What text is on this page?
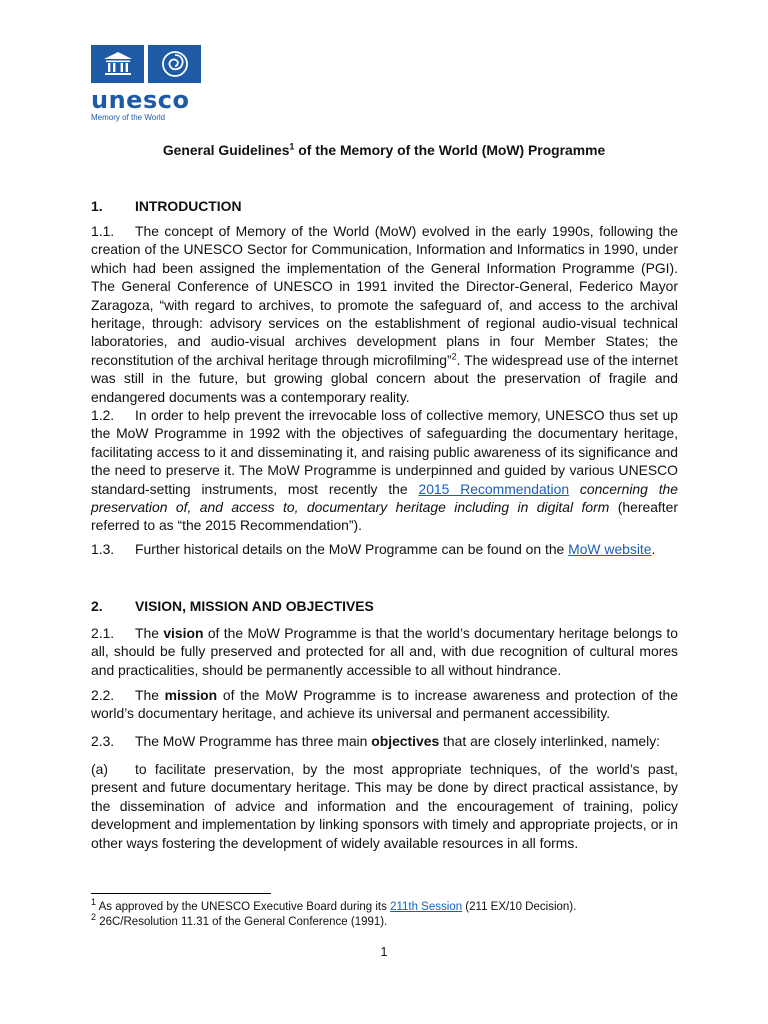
unesco
Memory of the World

General Guidelines$^1$ of the Memory of the World (MoW) Programme

1. INTRODUCTION

1.1. The concept of Memory of the World (MoW) evolved in the early 1990s, following the creation of the UNESCO Sector for Communication, Information and Informatics in 1990, under which had been assigned the implementation of the General Information Programme (PGI). The General Conference of UNESCO in 1991 invited the Director-General, Federico Mayor Zaragoza, “with regard to archives, to promote the safeguard of, and access to the archival heritage, through: advisory services on the establishment of regional audio-visual technical laboratories, and audio-visual archives development plans in four Member States; the reconstitution of the archival heritage through microfilming”$^2$. The widespread use of the internet was still in the future, but growing global concern about the preservation of fragile and endangered documents was a contemporary reality.

1.2. In order to help prevent the irrevocable loss of collective memory, UNESCO thus set up the MoW Programme in 1992 with the objectives of safeguarding the documentary heritage, facilitating access to it and disseminating it, and raising public awareness of its significance and the need to preserve it. The MoW Programme is underpinned and guided by various UNESCO standard-setting instruments, most recently the 2015 Recommendation concerning the preservation of, and access to, documentary heritage including in digital form (hereafter referred to as “the 2015 Recommendation”).

1.3. Further historical details on the MoW Programme can be found on the MoW website.

2. VISION, MISSION AND OBJECTIVES

2.1. The vision of the MoW Programme is that the world’s documentary heritage belongs to all, should be fully preserved and protected for all and, with due recognition of cultural mores and practicalities, should be permanently accessible to all without hindrance.

2.2. The mission of the MoW Programme is to increase awareness and protection of the world’s documentary heritage, and achieve its universal and permanent accessibility.

2.3. The MoW Programme has three main objectives that are closely interlinked, namely:

(a) to facilitate preservation, by the most appropriate techniques, of the world’s past, present and future documentary heritage. This may be done by direct practical assistance, by the dissemination of advice and information and the encouragement of training, policy development and implementation by linking sponsors with timely and appropriate projects, or in other ways fostering the development of widely available resources in all forms.

$^1$ As approved by the UNESCO Executive Board during its 211th Session (211 EX/10 Decision).

$^2$ 26C/Resolution 11.31 of the General Conference (1991).

1
